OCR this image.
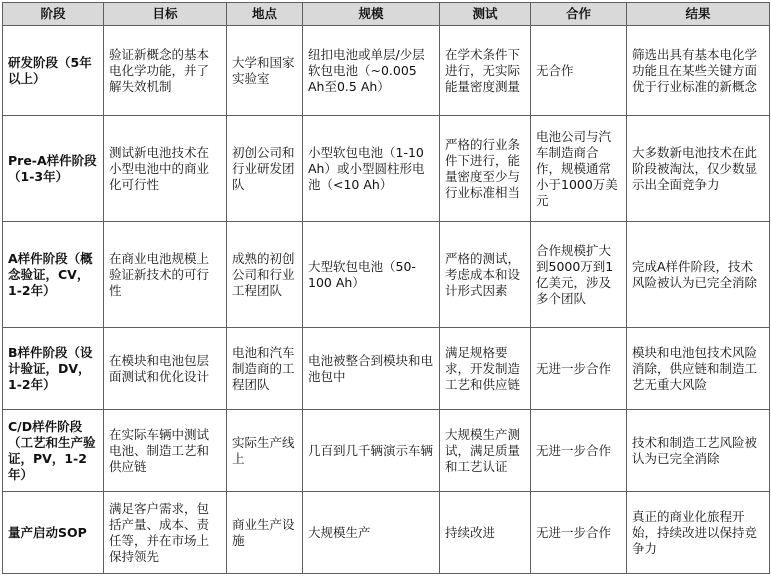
阶段	目标	地点	规模	测试	合作	结果
研发阶段（5年以上）	验证新概念的基本电化学功能，并了解失效机制	大学和国家实验室	纽扣电池或单层/少层软包电池（~0.005 Ah至0.5 Ah）	在学术条件下进行，无实际能量密度测量	无合作	筛选出具有基本电化学功能且在某些关键方面优于行业标准的新概念
Pre-A样件阶段（1-3年）	测试新电池技术在小型电池中的商业化可行性	初创公司和行业研发团队	小型软包电池（1-10 Ah）或小型圆柱形电池（<10 Ah）	严格的行业条件下进行，能量密度至少与行业标准相当	电池公司与汽车制造商合作，规模通常小于1000万美元	大多数新电池技术在此阶段被淘汰，仅少数显示出全面竞争力
A样件阶段（概念验证，CV，1-2年）	在商业电池规模上验证新技术的可行性	成熟的初创公司和行业工程团队	大型软包电池（50-100 Ah）	严格的测试，考虑成本和设计形式因素	合作规模扩大到5000万到1亿美元，涉及多个团队	完成A样件阶段，技术风险被认为已完全消除
B样件阶段（设计验证，DV，1-2年）	在模块和电池包层面测试和优化设计	电池和汽车制造商的工程团队	电池被整合到模块和电池包中	满足规格要求，开发制造工艺和供应链	无进一步合作	模块和电池包技术风险消除，供应链和制造工艺无重大风险
C/D样件阶段（工艺和生产验证，PV，1-2年）	在实际车辆中测试电池、制造工艺和供应链	实际生产线上	几百到几千辆演示车辆	大规模生产测试，满足质量和工艺认证	无进一步合作	技术和制造工艺风险被认为已完全消除
量产启动SOP	满足客户需求，包括产量、成本、责任等，并在市场上保持领先	商业生产设施	大规模生产	持续改进	无进一步合作	真正的商业化旅程开始，持续改进以保持竞争力
